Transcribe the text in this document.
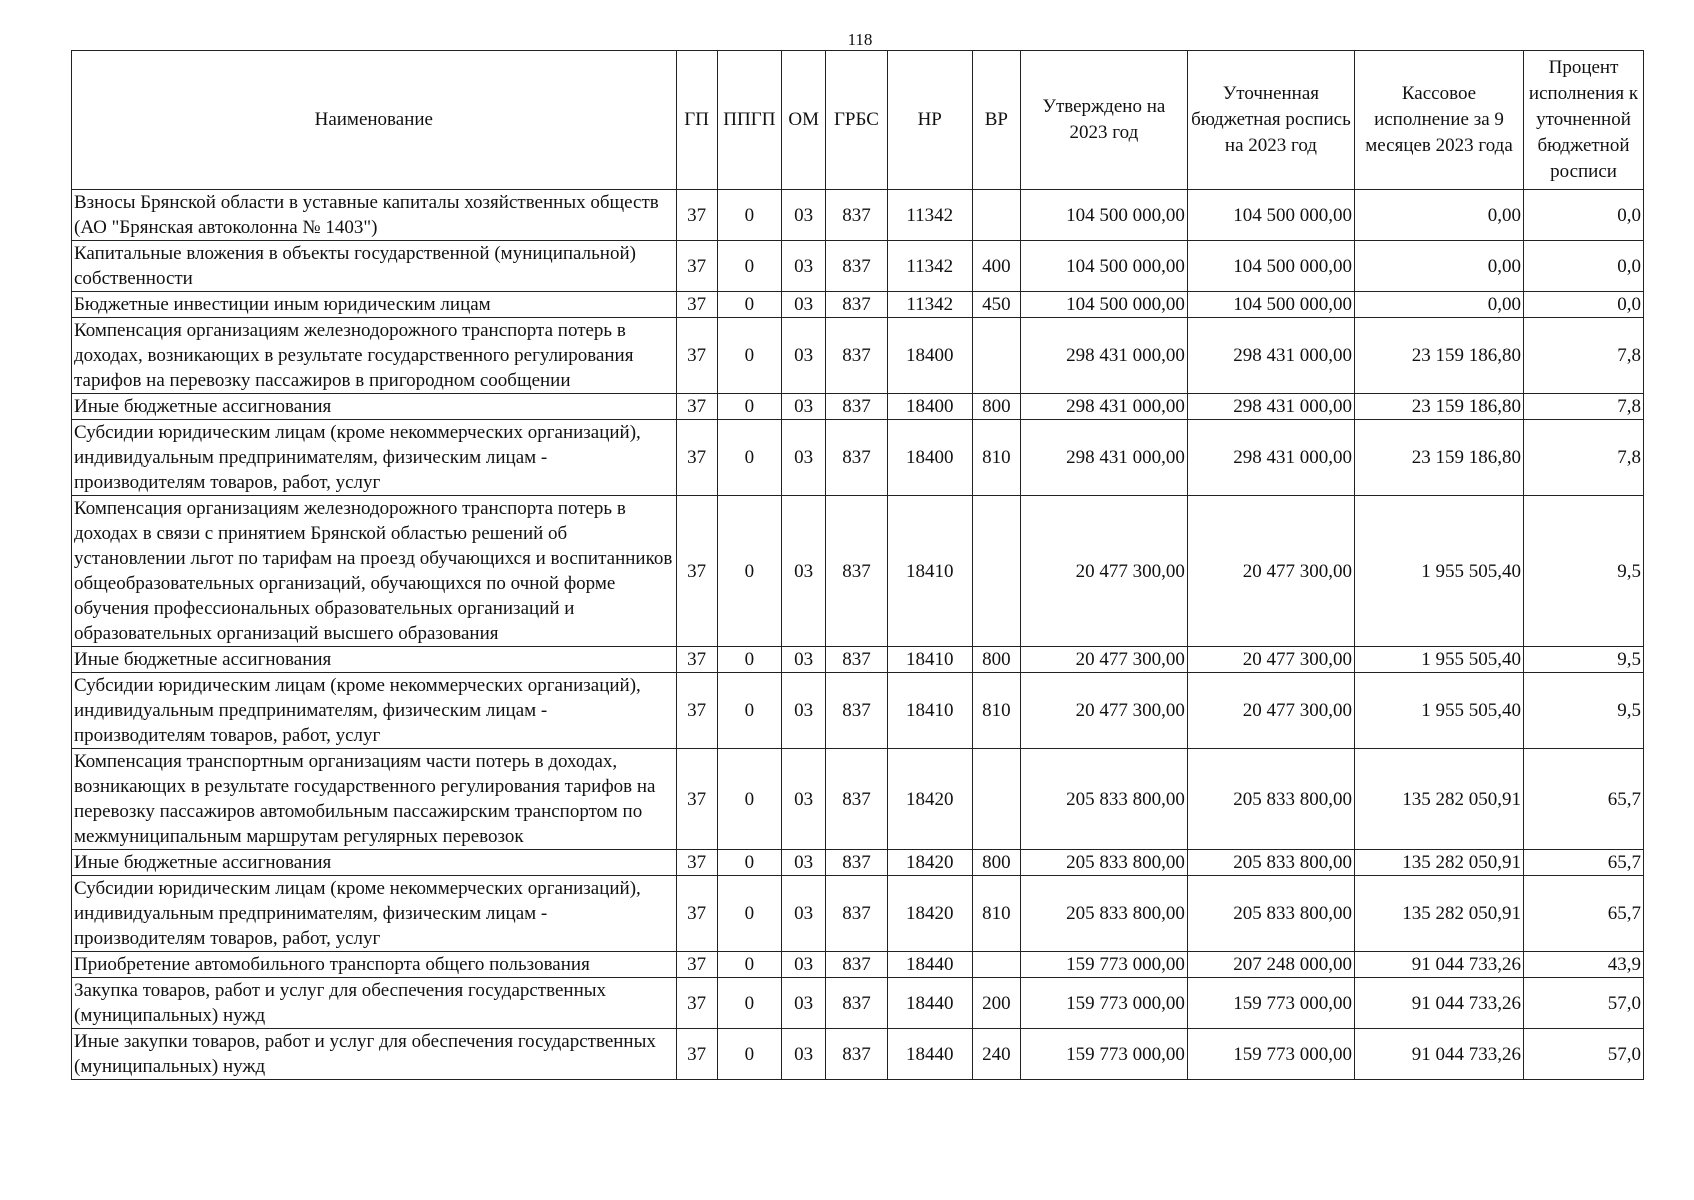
118
Наименование	ГП	ППГП	ОМ	ГРБС	НР	ВР	Утверждено на 2023 год	Уточненная бюджетная роспись на 2023 год	Кассовое исполнение за 9 месяцев 2023 года	Процент исполнения к уточненной бюджетной росписи
Взносы Брянской области в уставные капиталы хозяйственных обществ (АО "Брянская автоколонна № 1403")	37	0	03	837	11342		104 500 000,00	104 500 000,00	0,00	0,0
Капитальные вложения в объекты государственной (муниципальной) собственности	37	0	03	837	11342	400	104 500 000,00	104 500 000,00	0,00	0,0
Бюджетные инвестиции иным юридическим лицам	37	0	03	837	11342	450	104 500 000,00	104 500 000,00	0,00	0,0
Компенсация организациям железнодорожного транспорта потерь в доходах, возникающих в результате государственного регулирования тарифов на перевозку пассажиров в пригородном сообщении	37	0	03	837	18400		298 431 000,00	298 431 000,00	23 159 186,80	7,8
Иные бюджетные ассигнования	37	0	03	837	18400	800	298 431 000,00	298 431 000,00	23 159 186,80	7,8
Субсидии юридическим лицам (кроме некоммерческих организаций), индивидуальным предпринимателям, физическим лицам - производителям товаров, работ, услуг	37	0	03	837	18400	810	298 431 000,00	298 431 000,00	23 159 186,80	7,8
Компенсация организациям железнодорожного транспорта потерь в доходах в связи с принятием Брянской областью решений об установлении льгот по тарифам на проезд обучающихся и воспитанников общеобразовательных организаций, обучающихся по очной форме обучения профессиональных образовательных организаций и образовательных организаций высшего образования	37	0	03	837	18410		20 477 300,00	20 477 300,00	1 955 505,40	9,5
Иные бюджетные ассигнования	37	0	03	837	18410	800	20 477 300,00	20 477 300,00	1 955 505,40	9,5
Субсидии юридическим лицам (кроме некоммерческих организаций), индивидуальным предпринимателям, физическим лицам - производителям товаров, работ, услуг	37	0	03	837	18410	810	20 477 300,00	20 477 300,00	1 955 505,40	9,5
Компенсация транспортным организациям части потерь в доходах, возникающих в результате государственного регулирования тарифов на перевозку пассажиров автомобильным пассажирским транспортом по межмуниципальным маршрутам регулярных перевозок	37	0	03	837	18420		205 833 800,00	205 833 800,00	135 282 050,91	65,7
Иные бюджетные ассигнования	37	0	03	837	18420	800	205 833 800,00	205 833 800,00	135 282 050,91	65,7
Субсидии юридическим лицам (кроме некоммерческих организаций), индивидуальным предпринимателям, физическим лицам - производителям товаров, работ, услуг	37	0	03	837	18420	810	205 833 800,00	205 833 800,00	135 282 050,91	65,7
Приобретение автомобильного транспорта общего пользования	37	0	03	837	18440		159 773 000,00	207 248 000,00	91 044 733,26	43,9
Закупка товаров, работ и услуг для обеспечения государственных (муниципальных) нужд	37	0	03	837	18440	200	159 773 000,00	159 773 000,00	91 044 733,26	57,0
Иные закупки товаров, работ и услуг для обеспечения государственных (муниципальных) нужд	37	0	03	837	18440	240	159 773 000,00	159 773 000,00	91 044 733,26	57,0
